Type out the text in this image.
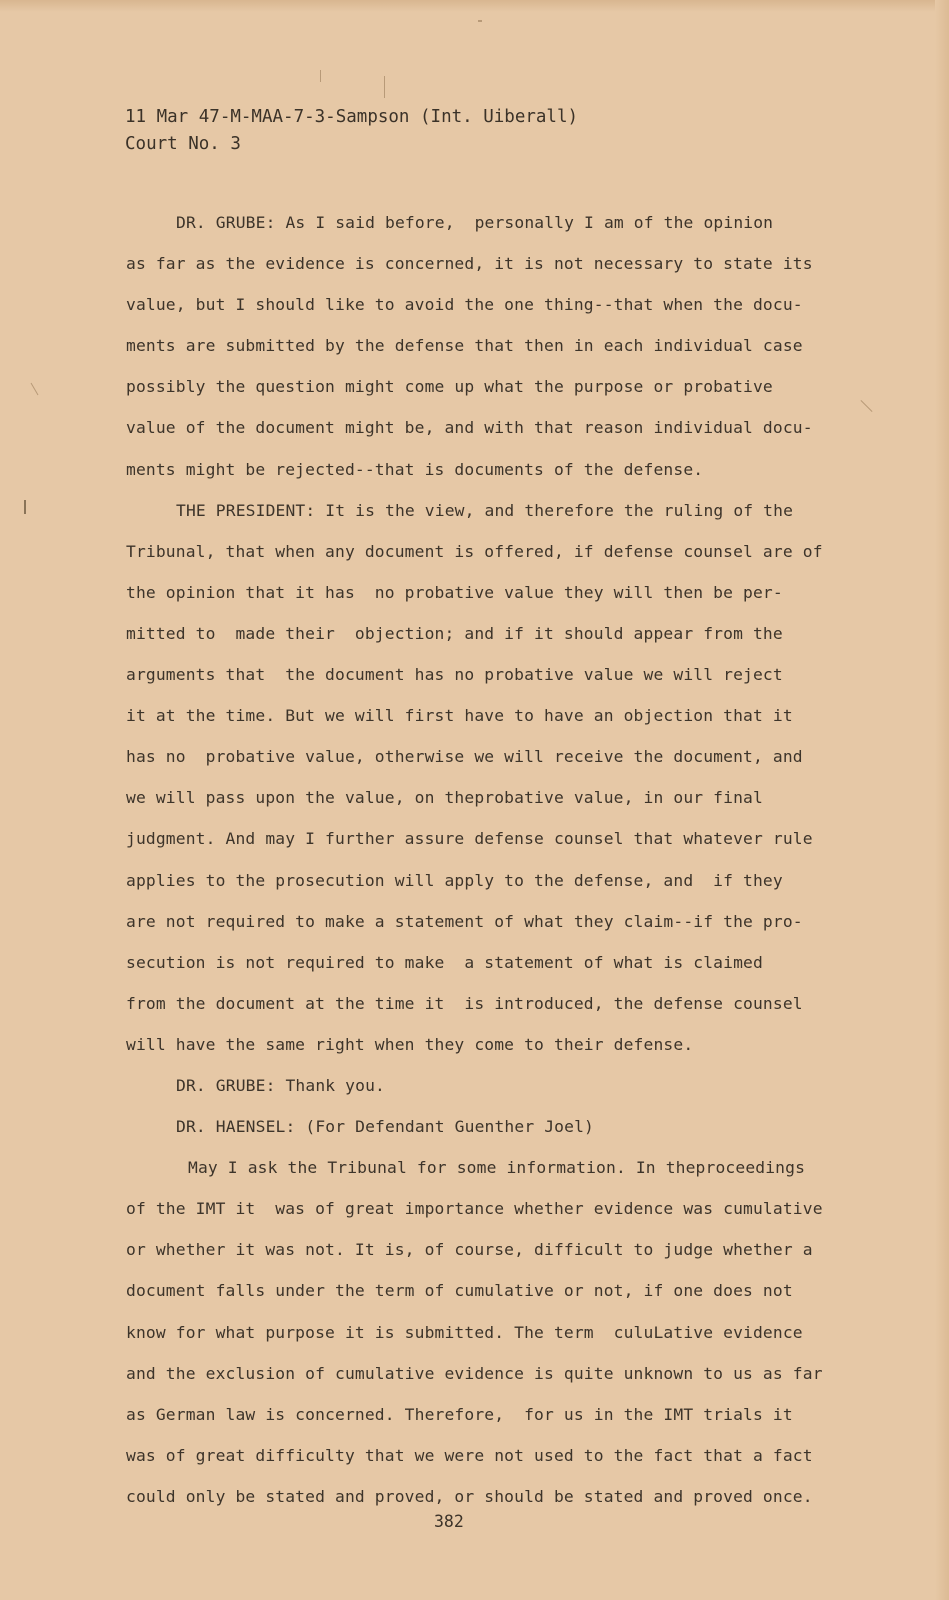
11 Mar 47-M-MAA-7-3-Sampson (Int. Uiberall)
Court No. 3
DR. GRUBE: As I said before,  personally I am of the opinion
as far as the evidence is concerned, it is not necessary to state its
value, but I should like to avoid the one thing--that when the docu-
ments are submitted by the defense that then in each individual case
possibly the question might come up what the purpose or probative
value of the document might be, and with that reason individual docu-
ments might be rejected--that is documents of the defense.
THE PRESIDENT: It is the view, and therefore the ruling of the
Tribunal, that when any document is offered, if defense counsel are of
the opinion that it has  no probative value they will then be per-
mitted to  made their  objection; and if it should appear from the
arguments that  the document has no probative value we will reject
it at the time. But we will first have to have an objection that it
has no  probative value, otherwise we will receive the document, and
we will pass upon the value, on theprobative value, in our final
judgment. And may I further assure defense counsel that whatever rule
applies to the prosecution will apply to the defense, and  if they
are not required to make a statement of what they claim--if the pro-
secution is not required to make  a statement of what is claimed
from the document at the time it  is introduced, the defense counsel
will have the same right when they come to their defense.
DR. GRUBE: Thank you.
DR. HAENSEL: (For Defendant Guenther Joel)
May I ask the Tribunal for some information. In theproceedings
of the IMT it  was of great importance whether evidence was cumulative
or whether it was not. It is, of course, difficult to judge whether a
document falls under the term of cumulative or not, if one does not
know for what purpose it is submitted. The term  culuLative evidence
and the exclusion of cumulative evidence is quite unknown to us as far
as German law is concerned. Therefore,  for us in the IMT trials it
was of great difficulty that we were not used to the fact that a fact
could only be stated and proved, or should be stated and proved once.
382
